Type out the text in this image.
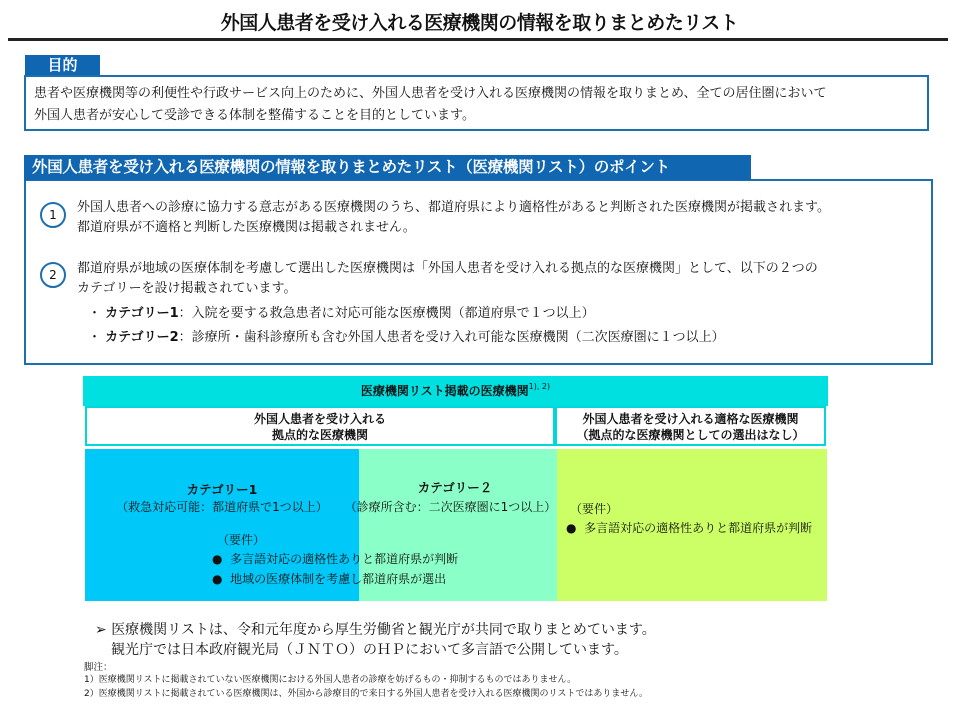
外国人患者を受け入れる医療機関の情報を取りまとめたリスト
目的
患者や医療機関等の利便性や行政サービス向上のために、外国人患者を受け入れる医療機関の情報を取りまとめ、全ての居住圏において
外国人患者が安心して受診できる体制を整備することを目的としています。
外国人患者を受け入れる医療機関の情報を取りまとめたリスト（医療機関リスト）のポイント
1	外国人患者への診療に協力する意志がある医療機関のうち、都道府県により適格性があると判断された医療機関が掲載されます。
都道府県が不適格と判断した医療機関は掲載されません。
2	都道府県が地域の医療体制を考慮して選出した医療機関は「外国人患者を受け入れる拠点的な医療機関」として、以下の２つの
カテゴリーを設け掲載されています。
・ カテゴリー1：入院を要する救急患者に対応可能な医療機関（都道府県で１つ以上）
・ カテゴリー2：診療所・歯科診療所も含む外国人患者を受け入れ可能な医療機関（二次医療圏に１つ以上）
医療機関リスト掲載の医療機関$^{1), 2)}$
外国人患者を受け入れる
拠点的な医療機関
外国人患者を受け入れる適格な医療機関
（拠点的な医療機関としての選出はなし）
カテゴリー1
（救急対応可能：都道府県で1つ以上）
カテゴリー２
（診療所含む：二次医療圏に1つ以上）
（要件）
●  多言語対応の適格性ありと都道府県が判断
●  地域の医療体制を考慮し都道府県が選出
（要件）
●  多言語対応の適格性ありと都道府県が判断
➢ 医療機関リストは、令和元年度から厚生労働省と観光庁が共同で取りまとめています。
観光庁では日本政府観光局（ＪＮＴＯ）のＨＰにおいて多言語で公開しています。
脚注：
1）医療機関リストに掲載されていない医療機関における外国人患者の診療を妨げるもの・抑制するものではありません。
2）医療機関リストに掲載されている医療機関は、外国から診療目的で来日する外国人患者を受け入れる医療機関のリストではありません。
